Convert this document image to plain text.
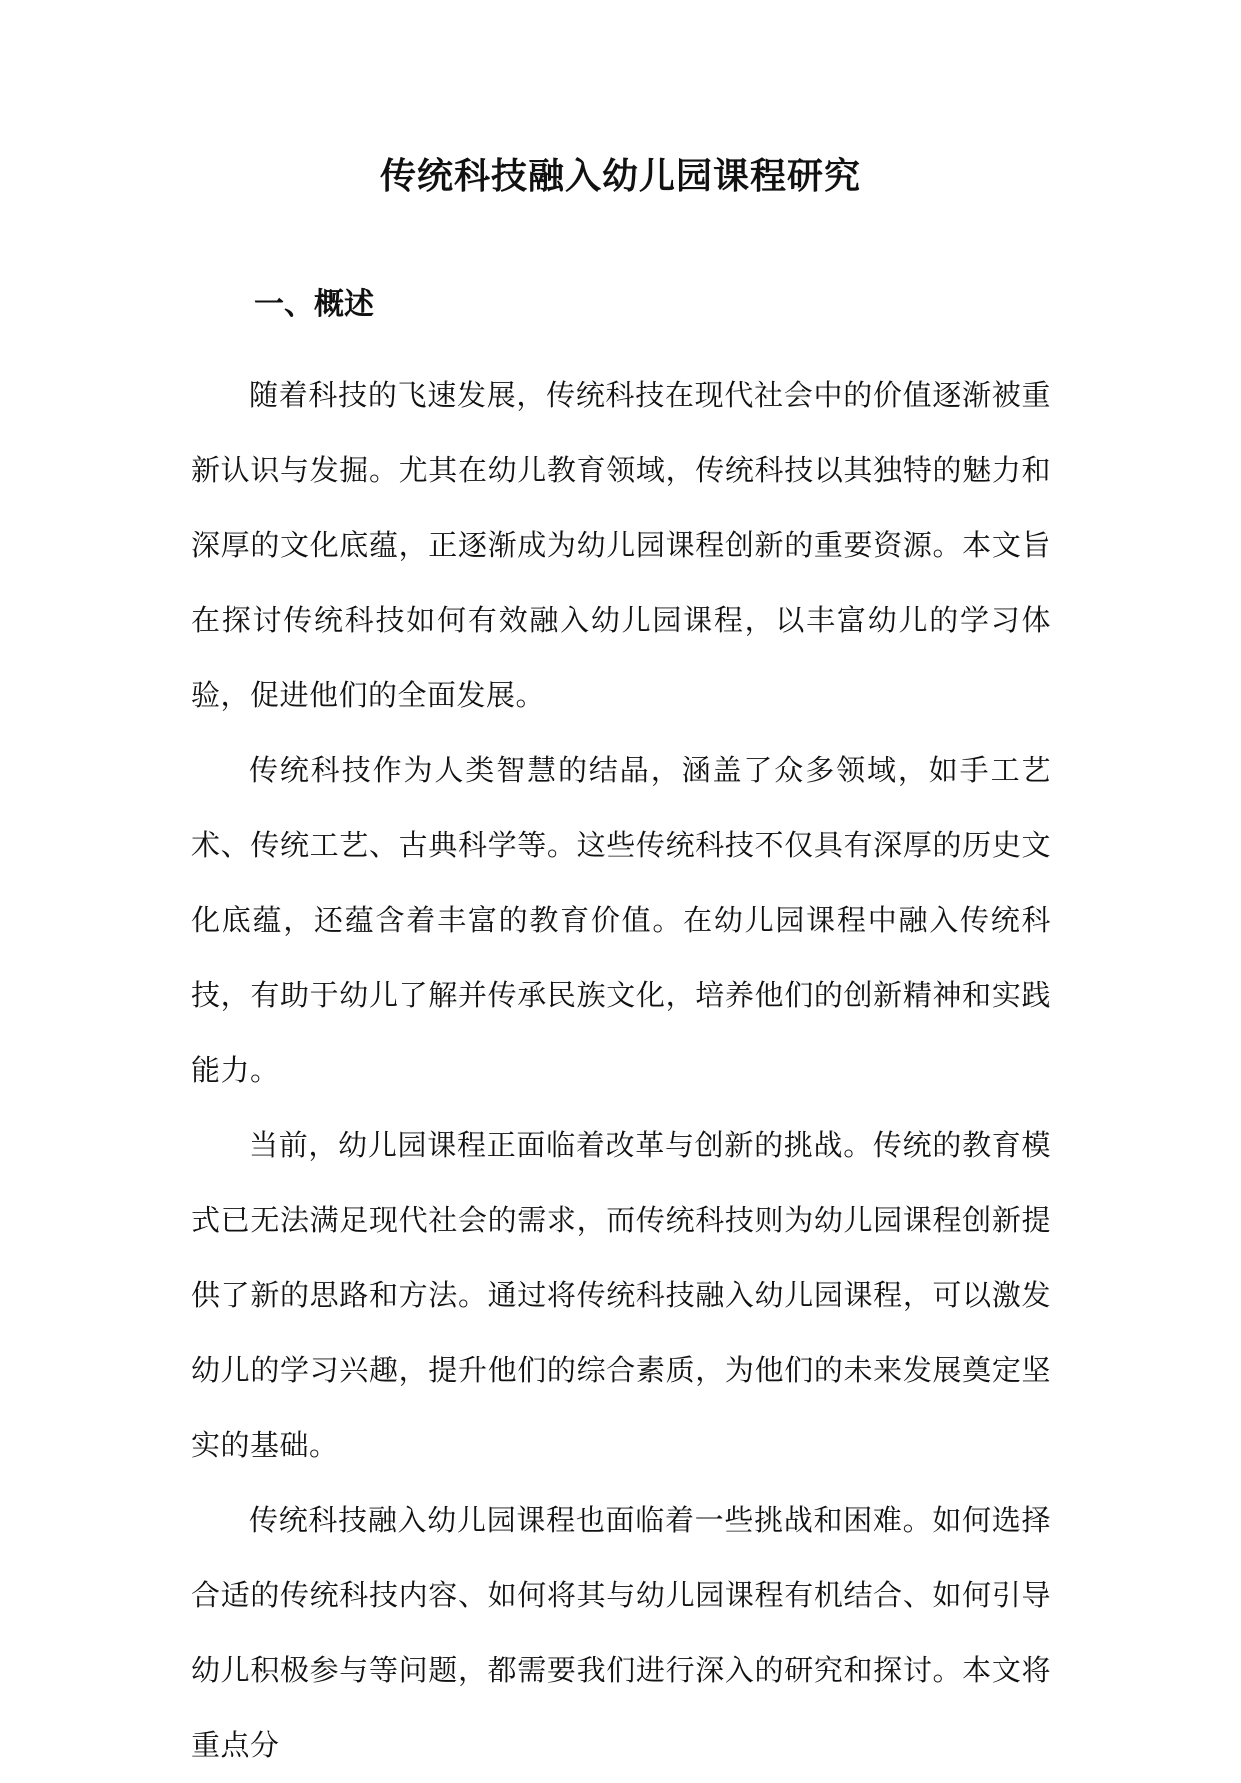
传统科技融入幼儿园课程研究
一、概述

随着科技的飞速发展，传统科技在现代社会中的价值逐渐被重新认识与发掘。尤其在幼儿教育领域，传统科技以其独特的魅力和深厚的文化底蕴，正逐渐成为幼儿园课程创新的重要资源。本文旨在探讨传统科技如何有效融入幼儿园课程，以丰富幼儿的学习体验，促进他们的全面发展。

传统科技作为人类智慧的结晶，涵盖了众多领域，如手工艺术、传统工艺、古典科学等。这些传统科技不仅具有深厚的历史文化底蕴，还蕴含着丰富的教育价值。在幼儿园课程中融入传统科技，有助于幼儿了解并传承民族文化，培养他们的创新精神和实践能力。

当前，幼儿园课程正面临着改革与创新的挑战。传统的教育模式已无法满足现代社会的需求，而传统科技则为幼儿园课程创新提供了新的思路和方法。通过将传统科技融入幼儿园课程，可以激发幼儿的学习兴趣，提升他们的综合素质，为他们的未来发展奠定坚实的基础。

传统科技融入幼儿园课程也面临着一些挑战和困难。如何选择合适的传统科技内容、如何将其与幼儿园课程有机结合、如何引导幼儿积极参与等问题，都需要我们进行深入的研究和探讨。本文将重点分
